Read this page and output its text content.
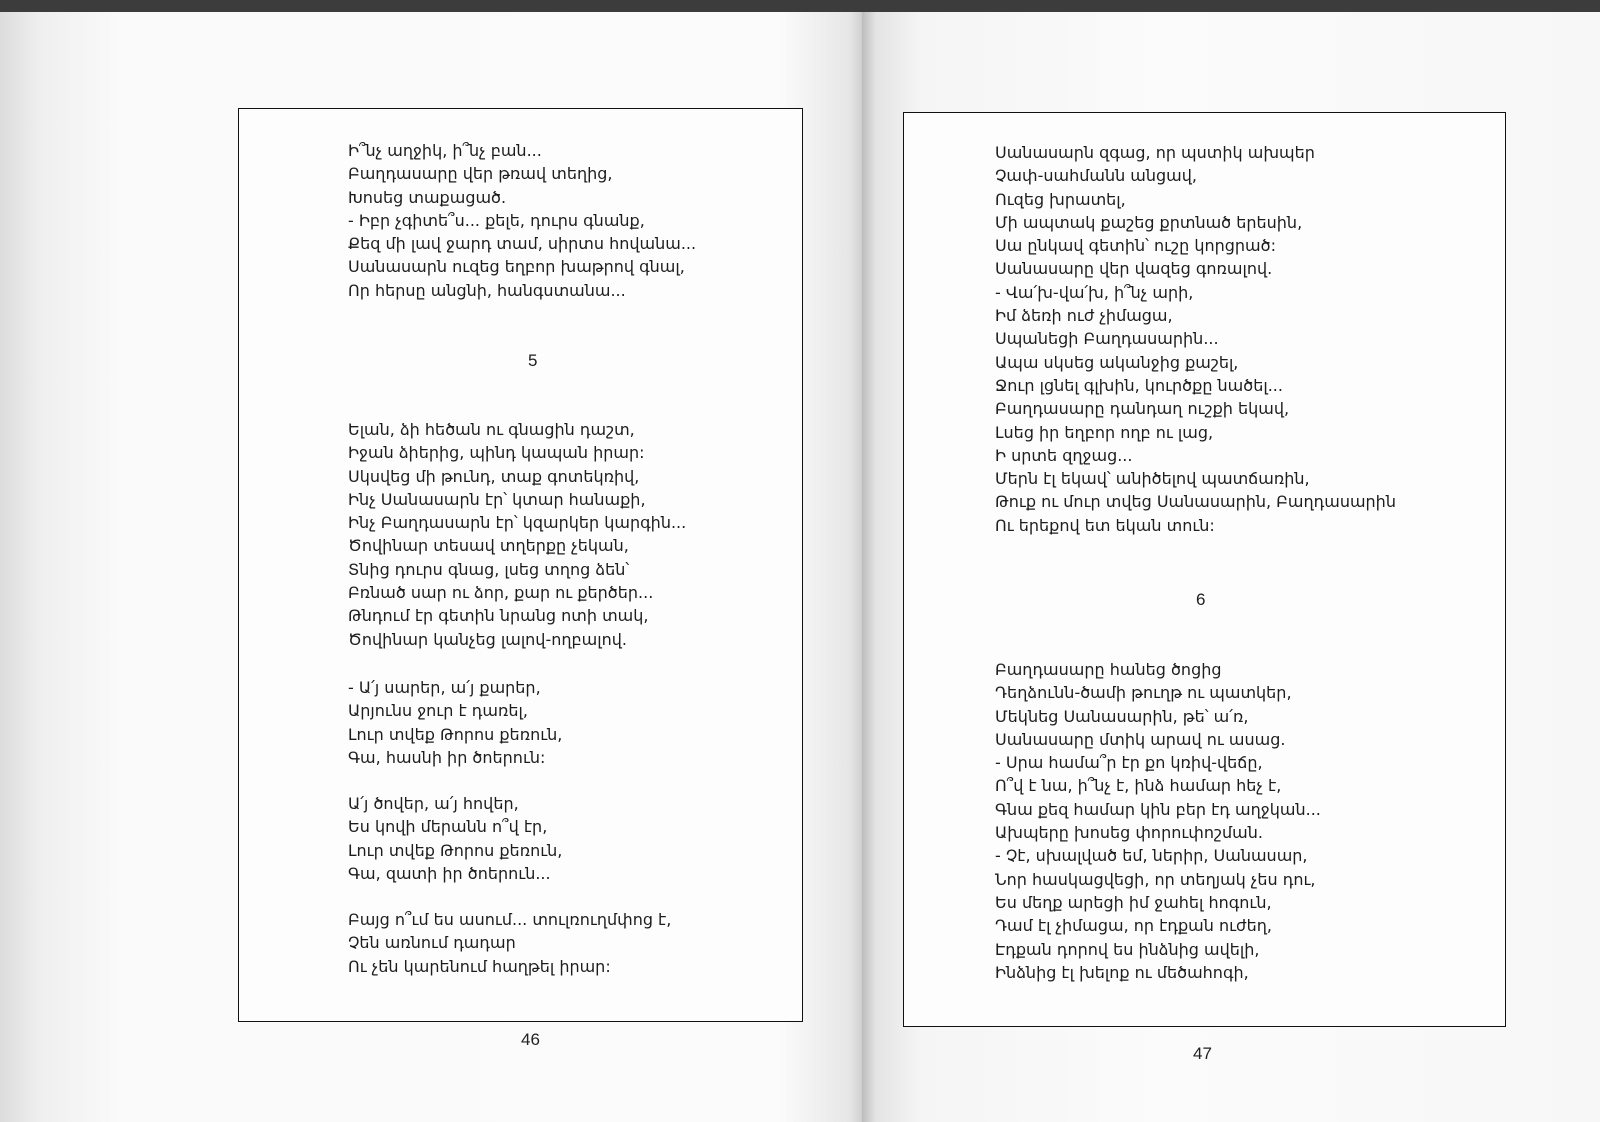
Ի՞նչ աղջիկ, ի՞նչ բան...
Բաղդասարը վեր թռավ տեղից,
Խոսեց տաքացած.
- Իբր չգիտե՞ս... քելե, դուրս գնանք,
Քեզ մի լավ ջարդ տամ, սիրտս հովանա...
Սանասարն ուզեց եղբոր խաթրով գնալ,
Որ հերսը անցնի, հանգստանա...
5
Ելան, ձի հեծան ու գնացին դաշտ,
Իջան ձիերից, պինդ կապան իրար:
Սկսվեց մի թունդ, տաք գոտեկռիվ,
Ինչ Սանասարն էր՝ կտար հանաքի,
Ինչ Բաղդասարն էր՝ կզարկեր կարգին...
Ծովինար տեսավ տղերքը չեկան,
Տնից դուրս գնաց, լսեց տղոց ձեն՝
Բռնած սար ու ձոր, քար ու քերծեր...
Թնդում էր գետին նրանց ոտի տակ,
Ծովինար կանչեց լալով-ողբալով.
- Ա՛յ սարեր, ա՛յ քարեր,
Արյունս ջուր է դառել,
Լուր տվեք Թորոս քեռուն,
Գա, հասնի իր ծոերուն:
Ա՛յ ծովեր, ա՛յ հովեր,
Ես կովի մերանն ո՞վ էր,
Լուր տվեք Թորոս քեռուն,
Գա, զատի իր ծոերուն...
Բայց ո՞ւմ ես ասում... տուլռուղմփոց է,
Չեն առնում դադար
Ու չեն կարենում հաղթել իրար:
46
Սանասարն զգաց, որ պստիկ ախպեր
Չափ-սահմանն անցավ,
Ուզեց խրատել,
Մի ապտակ քաշեց քրտնած երեսին,
Սա ընկավ գետին՝ ուշը կորցրած:
Սանասարը վեր վազեց գոռալով.
- Վա՛խ-վա՛խ, ի՞նչ արի,
Իմ ձեռի ուժ չիմացա,
Սպանեցի Բաղդասարին...
Ապա սկսեց ականջից քաշել,
Ջուր լցնել գլխին, կուրծքը նածել...
Բաղդասարը դանդաղ ուշքի եկավ,
Լսեց իր եղբոր ողբ ու լաց,
Ի սրտե զղջաց...
Մերն էլ եկավ՝ անիծելով պատճառին,
Թուք ու մուր տվեց Սանասարին, Բաղդասարին
Ու երեքով ետ եկան տուն:
6
Բաղդասարը հանեց ծոցից
Դեղձունն-ծամի թուղթ ու պատկեր,
Մեկնեց Սանասարին, թե՝ ա՛ռ,
Սանասարը մտիկ արավ ու ասաց.
- Սրա համա՞ր էր քո կռիվ-վեճը,
Ո՞վ է նա, ի՞նչ է, ինձ համար հեչ է,
Գնա քեզ համար կին բեր էդ աղջկան...
Ախպերը խոսեց փորուփոշման.
- Չէ, սխալված եմ, ներիր, Սանասար,
Նոր հասկացվեցի, որ տեղյակ չես դու,
Ես մեղք արեցի իմ ջահել հոգուն,
Դամ էլ չիմացա, որ էդքան ուժեղ,
Էդքան դորով ես ինձնից ավելի,
Ինձնից էլ խելոք ու մեծահոգի,
47
